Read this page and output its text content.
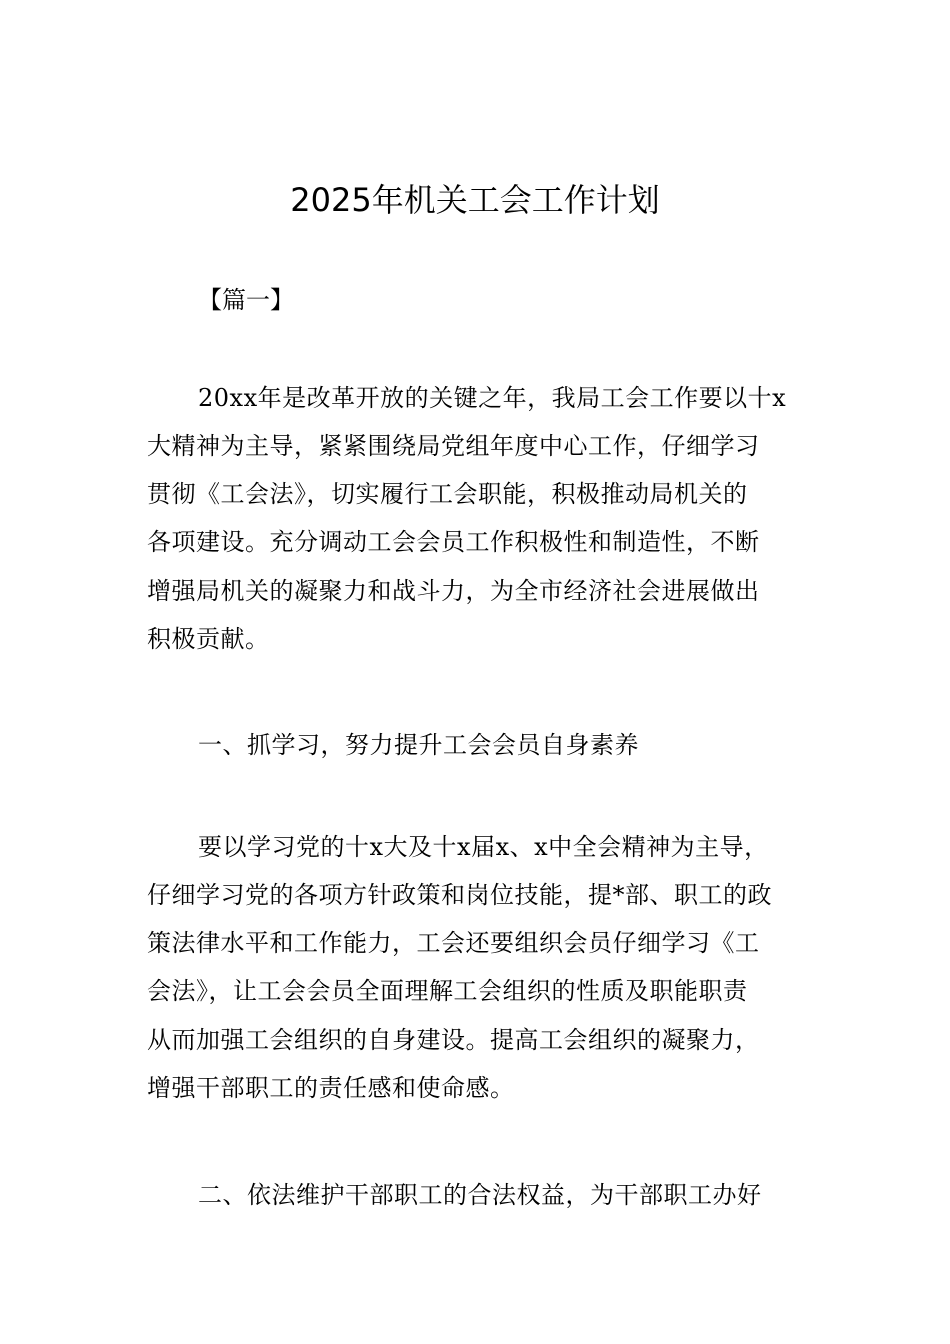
2025年机关工会工作计划
【篇一】
20xx年是改革开放的关键之年，我局工会工作要以十x
大精神为主导，紧紧围绕局党组年度中心工作，仔细学习
贯彻《工会法》，切实履行工会职能，积极推动局机关的
各项建设。充分调动工会会员工作积极性和制造性，不断
增强局机关的凝聚力和战斗力，为全市经济社会进展做出
积极贡献。
一、抓学习，努力提升工会会员自身素养
要以学习党的十x大及十x届x、x中全会精神为主导，
仔细学习党的各项方针政策和岗位技能，提*部、职工的政
策法律水平和工作能力，工会还要组织会员仔细学习《工
会法》，让工会会员全面理解工会组织的性质及职能职责
从而加强工会组织的自身建设。提高工会组织的凝聚力，
增强干部职工的责任感和使命感。
二、依法维护干部职工的合法权益，为干部职工办好
